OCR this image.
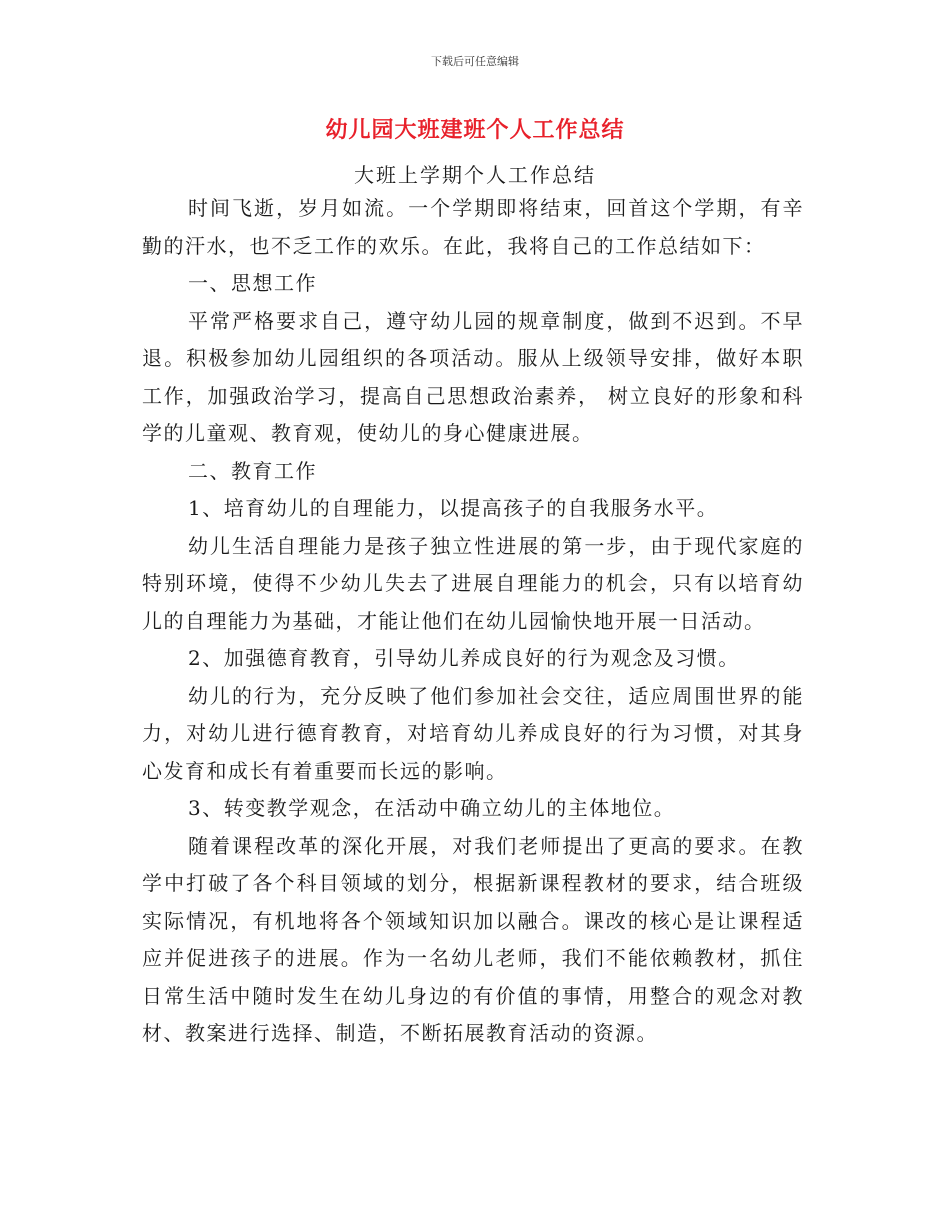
下载后可任意编辑
幼儿园大班建班个人工作总结
大班上学期个人工作总结

时间飞逝，岁月如流。一个学期即将结束，回首这个学期，有辛勤的汗水，也不乏工作的欢乐。在此，我将自己的工作总结如下：

一、思想工作

平常严格要求自己，遵守幼儿园的规章制度，做到不迟到。不早退。积极参加幼儿园组织的各项活动。服从上级领导安排，做好本职工作，加强政治学习，提高自己思想政治素养， 树立良好的形象和科学的儿童观、教育观，使幼儿的身心健康进展。

二、教育工作

1、培育幼儿的自理能力，以提高孩子的自我服务水平。

幼儿生活自理能力是孩子独立性进展的第一步，由于现代家庭的特别环境，使得不少幼儿失去了进展自理能力的机会，只有以培育幼儿的自理能力为基础，才能让他们在幼儿园愉快地开展一日活动。

2、加强德育教育，引导幼儿养成良好的行为观念及习惯。

幼儿的行为，充分反映了他们参加社会交往，适应周围世界的能力，对幼儿进行德育教育，对培育幼儿养成良好的行为习惯，对其身心发育和成长有着重要而长远的影响。

3、转变教学观念，在活动中确立幼儿的主体地位。

随着课程改革的深化开展，对我们老师提出了更高的要求。在教学中打破了各个科目领域的划分，根据新课程教材的要求，结合班级实际情况，有机地将各个领域知识加以融合。课改的核心是让课程适应并促进孩子的进展。作为一名幼儿老师，我们不能依赖教材，抓住日常生活中随时发生在幼儿身边的有价值的事情，用整合的观念对教材、教案进行选择、制造，不断拓展教育活动的资源。
